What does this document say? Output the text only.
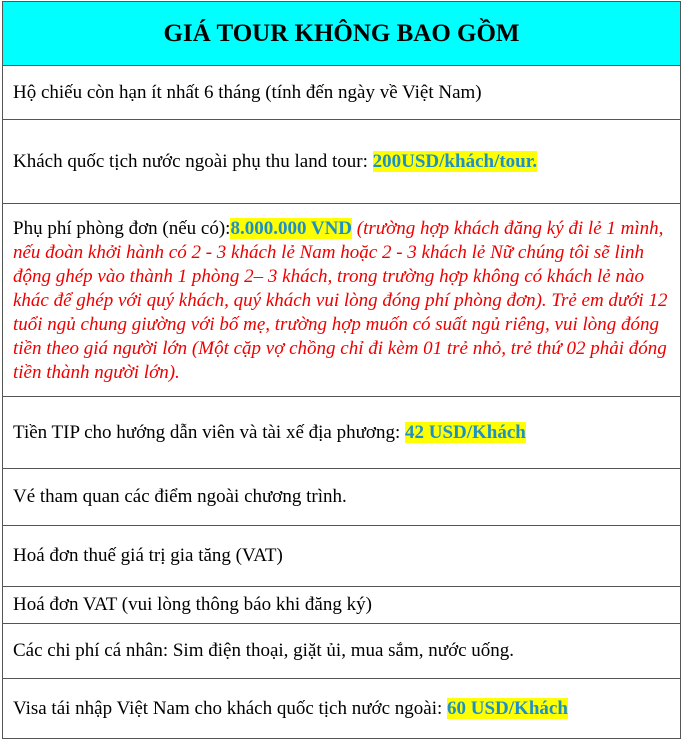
GIÁ TOUR KHÔNG BAO GỒM
Hộ chiếu còn hạn ít nhất 6 tháng (tính đến ngày về Việt Nam)
Khách quốc tịch nước ngoài phụ thu land tour: 200USD/khách/tour.
Phụ phí phòng đơn (nếu có):8.000.000 VND (trường hợp khách đăng ký đi lẻ 1 mình, nếu đoàn khởi hành có 2 - 3 khách lẻ Nam hoặc 2 - 3 khách lẻ Nữ chúng tôi sẽ linh động ghép vào thành 1 phòng 2– 3 khách, trong trường hợp không có khách lẻ nào khác để ghép với quý khách, quý khách vui lòng đóng phí phòng đơn). Trẻ em dưới 12 tuổi ngủ chung giường với bố mẹ, trường hợp muốn có suất ngủ riêng, vui lòng đóng tiền theo giá người lớn (Một cặp vợ chồng chỉ đi kèm 01 trẻ nhỏ, trẻ thứ 02 phải đóng tiền thành người lớn).
Tiền TIP cho hướng dẫn viên và tài xế địa phương: 42 USD/Khách
Vé tham quan các điểm ngoài chương trình.
Hoá đơn thuế giá trị gia tăng (VAT)
Hoá đơn VAT (vui lòng thông báo khi đăng ký)
Các chi phí cá nhân: Sim điện thoại, giặt ủi, mua sắm, nước uống.
Visa tái nhập Việt Nam cho khách quốc tịch nước ngoài: 60 USD/Khách
